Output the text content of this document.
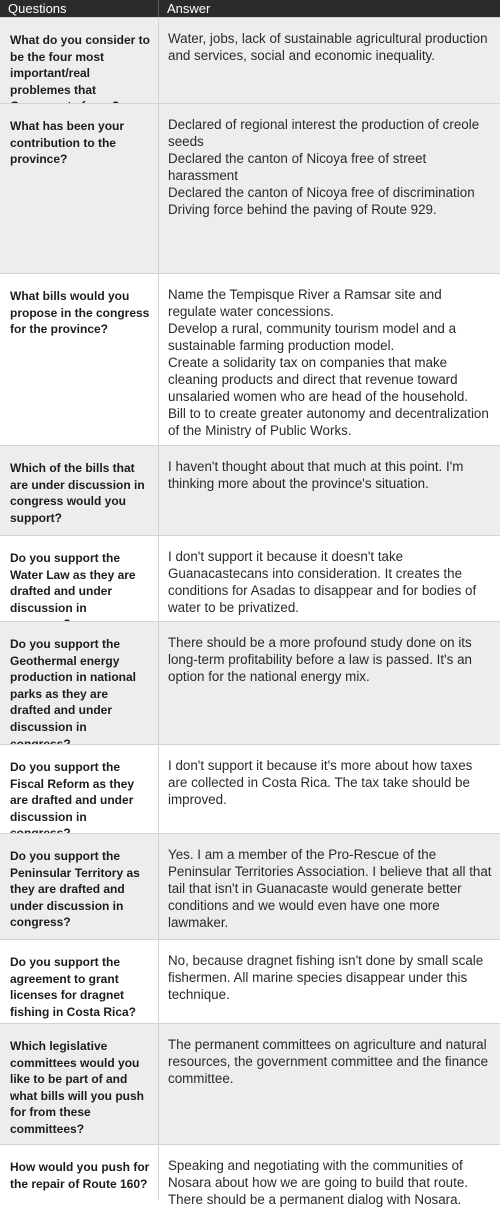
Questions	Answer
What do you consider to be the four most important/real problemes that
Water, jobs, lack of sustainable agricultural production and services, social and economic inequality.
What has been your contribution to the province?
Declared of regional interest the production of creole seeds
Declared the canton of Nicoya free of street harassment
Declared the canton of Nicoya free of discrimination
Driving force behind the paving of Route 929.
What bills would you propose in the congress for the province?
Name the Tempisque River a Ramsar site and regulate water concessions.
Develop a rural, community tourism model and a sustainable farming production model.
Create a solidarity tax on companies that make cleaning products and direct that revenue toward unsalaried women who are head of the household.
Bill to to create greater autonomy and decentralization of the Ministry of Public Works.
Which of the bills that are under discussion in congress would you support?
I haven't thought about that much at this point. I'm thinking more about the province's situation.
Do you support the Water Law as they are drafted and under discussion in
I don't support it because it doesn't take Guanacastecans into consideration. It creates the conditions for Asadas to disappear and for bodies of water to be privatized.
Do you support the Geothermal energy production in national parks as they are drafted and under discussion in
There should be a more profound study done on its long-term profitability before a law is passed. It's an option for the national energy mix.
Do you support the Fiscal Reform as they are drafted and under discussion in
I don't support it because it's more about how taxes are collected in Costa Rica. The tax take should be improved.
Do you support the Peninsular Territory as they are drafted and under discussion in congress?
Yes. I am a member of the Pro-Rescue of the Peninsular Territories Association. I believe that all that tail that isn't in Guanacaste would generate better conditions and we would even have one more lawmaker.
Do you support the agreement to grant licenses for dragnet fishing in Costa Rica?
No, because dragnet fishing isn't done by small scale fishermen. All marine species disappear under this technique.
Which legislative committees would you like to be part of and what bills will you push for from these committees?
The permanent committees on agriculture and natural resources, the government committee and the finance committee.
How would you push for the repair of Route 160?
Speaking and negotiating with the communities of Nosara about how we are going to build that route. There should be a permanent dialog with Nosara.
